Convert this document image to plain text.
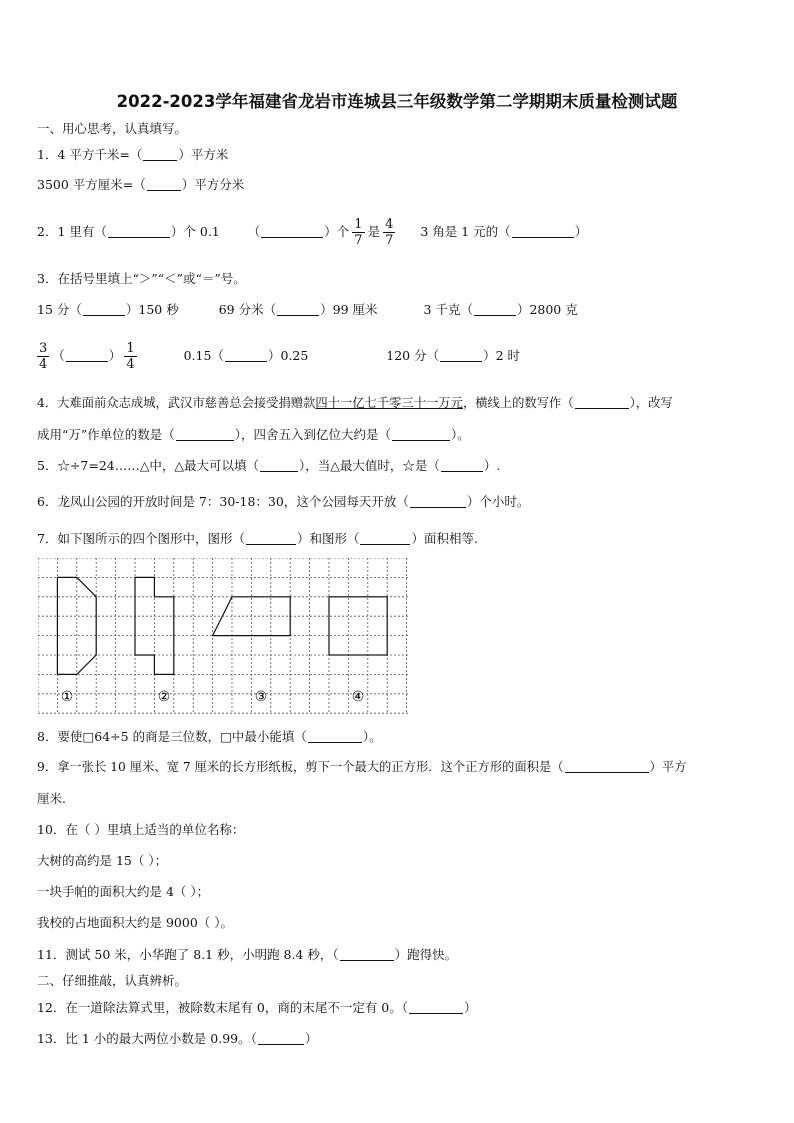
2022-2023学年福建省龙岩市连城县三年级数学第二学期期末质量检测试题
一、用心思考，认真填写。
1．4 平方千米=（	）平方米
3500 平方厘米=（	）平方分米
2．1 里有（	）个 0.1 （	）个 $\frac{1}{7}$ 是 $\frac{4}{7} 3$ 角是 1 元的（	）
3．在括号里填上“＞”“＜”或“＝”号。
15 分（	）150 秒	69 分米（	）99 厘米	3 千克（	）2800 克
$\frac{3}{4}$ （	） $\frac{1}{4}$	0.15（	）0.25	120 分（	）2 时
4．大难面前众志成城，武汉市慈善总会接受捐赠款四十一亿七千零三十一万元，横线上的数写作（	），改写
成用“万”作单位的数是（	），四舍五入到亿位大约是（	）。
5．☆÷7=24……△中，△最大可以填（	），当△最大值时，☆是（	）.
6．龙凤山公园的开放时间是 7：30-18：30，这个公园每天开放（	）个小时。
7．如下图所示的四个图形中，图形（	）和图形（	）面积相等.
①	②	③	④
8．要使□64÷5 的商是三位数，□中最小能填（	）。
9．拿一张长 10 厘米、宽 7 厘米的长方形纸板，剪下一个最大的正方形．这个正方形的面积是（	）平方
厘米.
10．在（ ）里填上适当的单位名称：
大树的高约是 15（ ）；
一块手帕的面积大约是 4（ ）；
我校的占地面积大约是 9000（ ）。
11．测试 50 米，小华跑了 8.1 秒，小明跑 8.4 秒，（	）跑得快。
二、仔细推敲，认真辨析。
12．在一道除法算式里，被除数末尾有 0，商的末尾不一定有 0。（	）
13．比 1 小的最大两位小数是 0.99。（	）
